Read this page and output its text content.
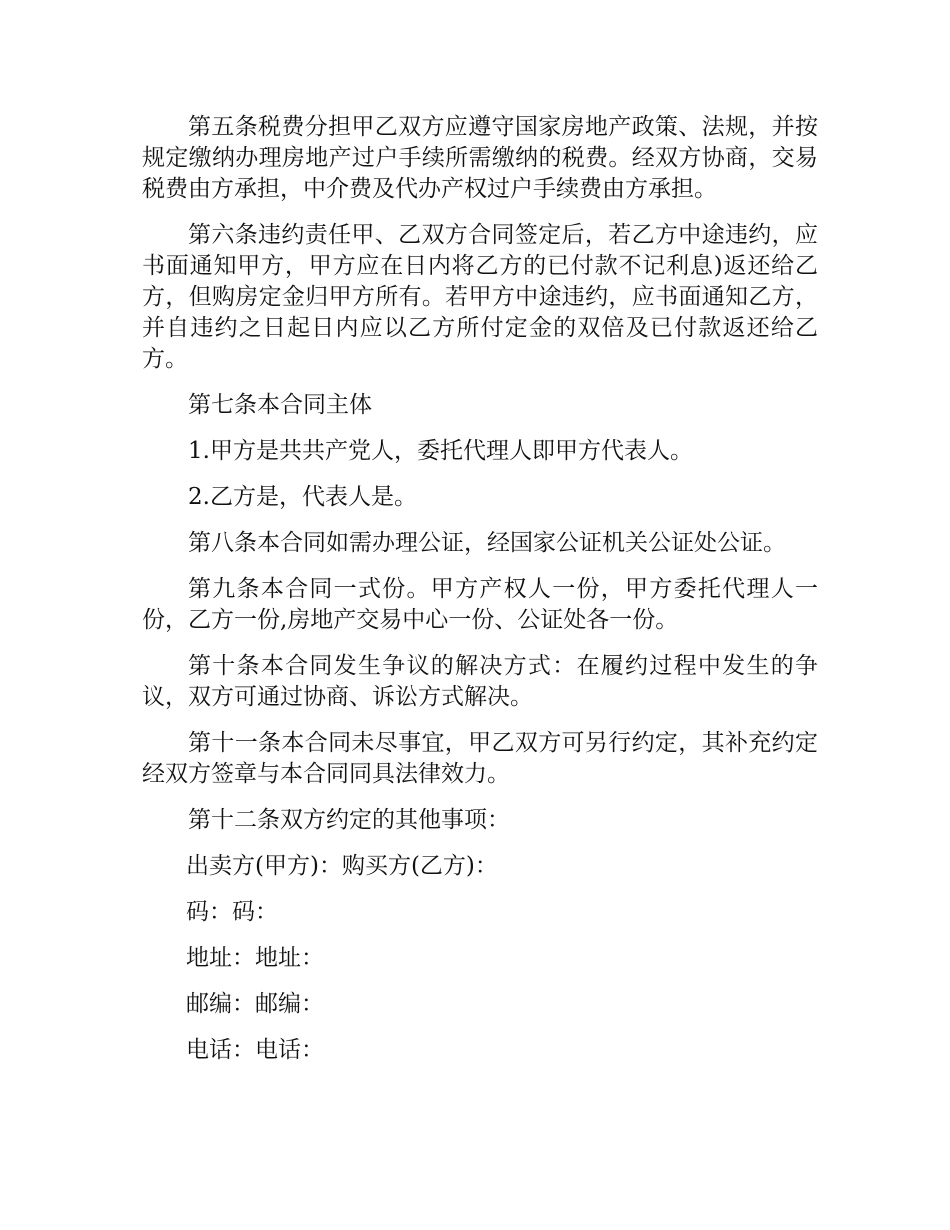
第五条税费分担甲乙双方应遵守国家房地产政策、法规，并按规定缴纳办理房地产过户手续所需缴纳的税费。经双方协商，交易税费由方承担，中介费及代办产权过户手续费由方承担。

第六条违约责任甲、乙双方合同签定后，若乙方中途违约，应书面通知甲方，甲方应在日内将乙方的已付款不记利息)返还给乙方，但购房定金归甲方所有。若甲方中途违约，应书面通知乙方，并自违约之日起日内应以乙方所付定金的双倍及已付款返还给乙方。

第七条本合同主体

1.甲方是共共产党人，委托代理人即甲方代表人。

2.乙方是，代表人是。

第八条本合同如需办理公证，经国家公证机关公证处公证。

第九条本合同一式份。甲方产权人一份，甲方委托代理人一份，乙方一份,房地产交易中心一份、公证处各一份。

第十条本合同发生争议的解决方式：在履约过程中发生的争议，双方可通过协商、诉讼方式解决。

第十一条本合同未尽事宜，甲乙双方可另行约定，其补充约定经双方签章与本合同同具法律效力。

第十二条双方约定的其他事项：

出卖方(甲方)：购买方(乙方)：

码：码：

地址：地址：

邮编：邮编：

电话：电话：
